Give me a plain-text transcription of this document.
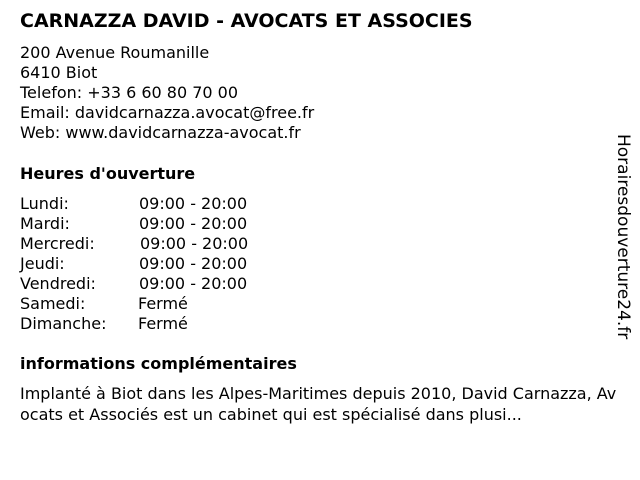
CARNAZZA DAVID - AVOCATS ET ASSOCIES
200 Avenue Roumanille
6410 Biot
Telefon: +33 6 60 80 70 00
Email: davidcarnazza.avocat@free.fr
Web: www.davidcarnazza-avocat.fr
Heures d'ouverture
Lundi:	09:00 - 20:00
Mardi:	09:00 - 20:00
Mercredi:	09:00 - 20:00
Jeudi:	09:00 - 20:00
Vendredi:	09:00 - 20:00
Samedi:	Fermé
Dimanche: Fermé
informations complémentaires
Implanté à Biot dans les Alpes-Maritimes depuis 2010, David Carnazza, Avocats et Associés est un cabinet qui est spécialisé dans plusi...
Horairesdouverture24.fr
